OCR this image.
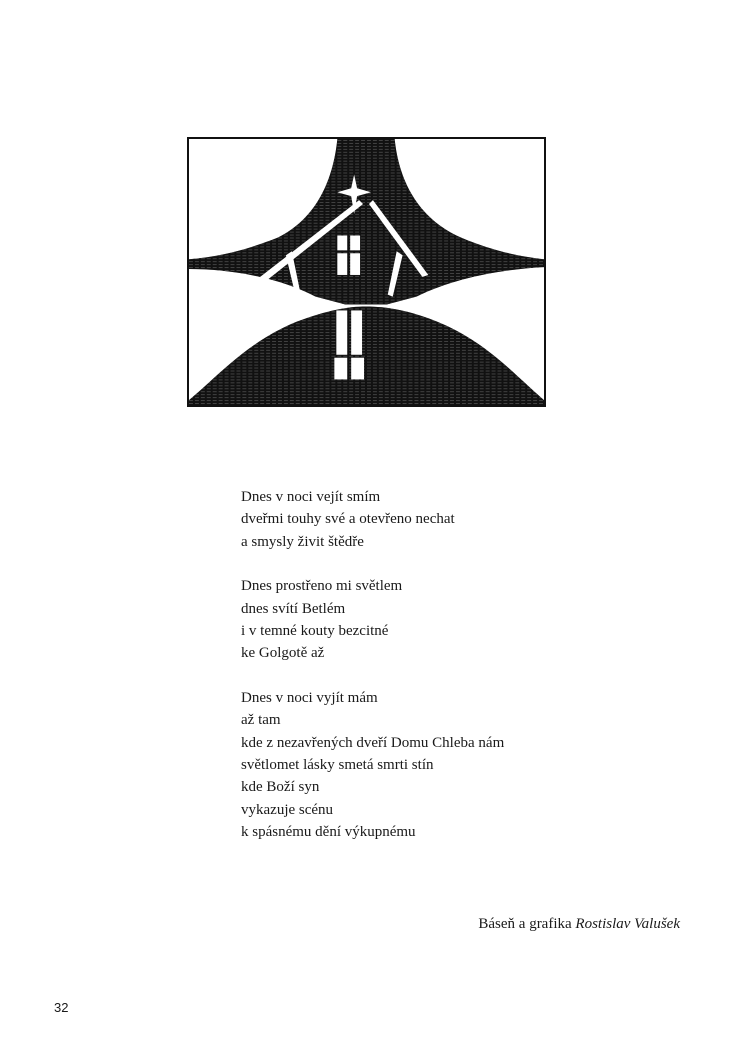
Dnes v noci vejít smím
dveřmi touhy své a otevřeno nechat
a smysly živit štědře
Dnes prostřeno mi světlem
dnes svítí Betlém
i v temné kouty bezcitné
ke Golgotě až
Dnes v noci vyjít mám
až tam
kde z nezavřených dveří Domu Chleba nám
světlomet lásky smetá smrti stín
kde Boží syn
vykazuje scénu
k spásnému dění výkupnému
Báseň a grafika Rostislav Valušek
32
